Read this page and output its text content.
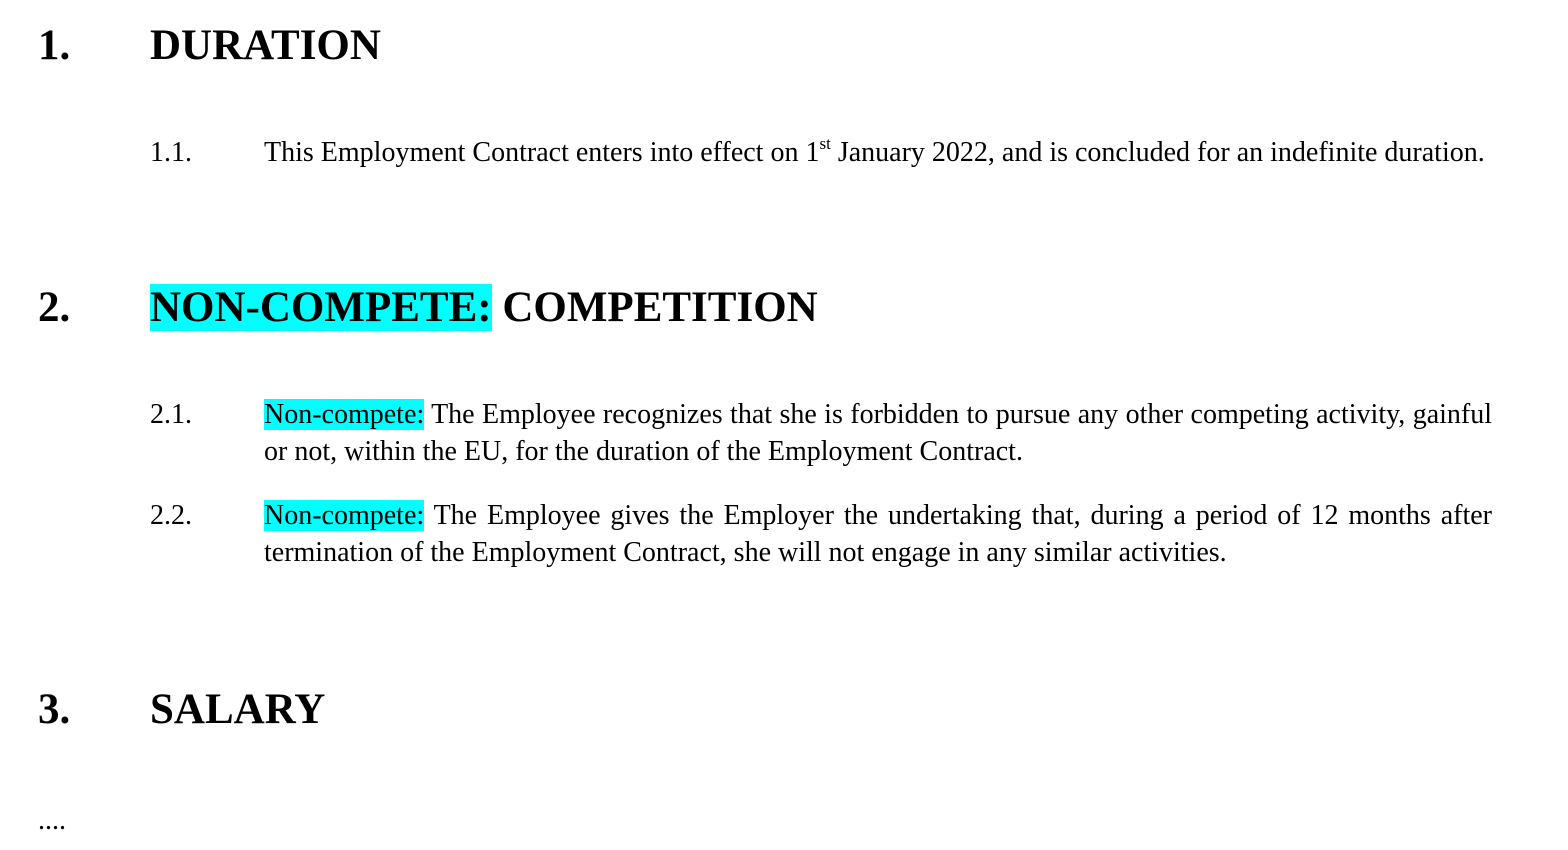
1. DURATION
1.1.	This Employment Contract enters into effect on 1st January 2022, and is concluded for an indefinite duration.
2. NON-COMPETE: COMPETITION
2.1.	Non-compete: The Employee recognizes that she is forbidden to pursue any other competing activity, gainful or not, within the EU, for the duration of the Employment Contract.
2.2.	Non-compete: The Employee gives the Employer the undertaking that, during a period of 12 months after termination of the Employment Contract, she will not engage in any similar activities.
3. SALARY
....
